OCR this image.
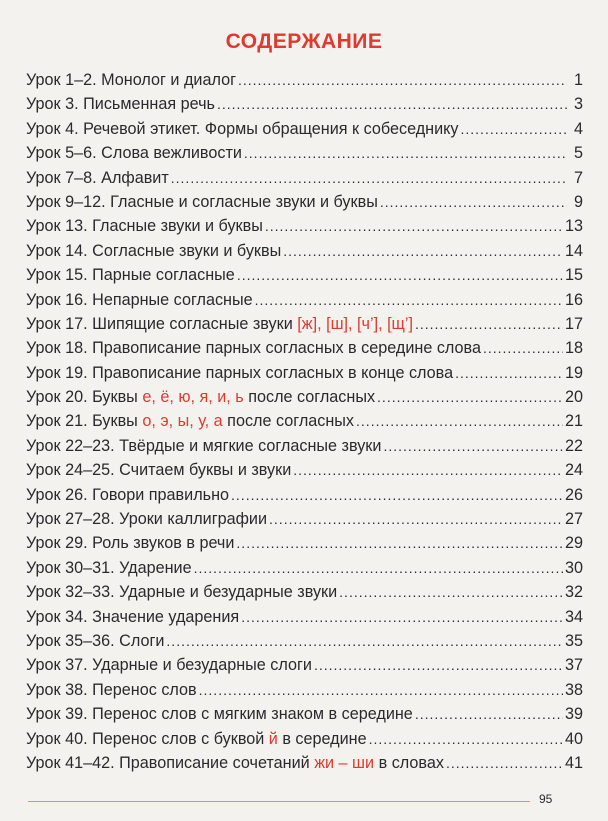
СОДЕРЖАНИЕ
Урок 1–2. Монолог и диалог .....	1
Урок 3. Письменная речь .....	3
Урок 4. Речевой этикет. Формы обращения к собеседнику .....	4
Урок 5–6. Слова вежливости .....	5
Урок 7–8. Алфавит .....	7
Урок 9–12. Гласные и согласные звуки и буквы .....	9
Урок 13. Гласные звуки и буквы .....	13
Урок 14. Согласные звуки и буквы .....	14
Урок 15. Парные согласные .....	15
Урок 16. Непарные согласные .....	16
Урок 17. Шипящие согласные звуки [ж], [ш], [ч’], [щ’] .....	17
Урок 18. Правописание парных согласных в середине слова .....	18
Урок 19. Правописание парных согласных в конце слова .....	19
Урок 20. Буквы е, ё, ю, я, и, ь после согласных .....	20
Урок 21. Буквы о, э, ы, у, а после согласных .....	21
Урок 22–23. Твёрдые и мягкие согласные звуки .....	22
Урок 24–25. Считаем буквы и звуки .....	24
Урок 26. Говори правильно .....	26
Урок 27–28. Уроки каллиграфии .....	27
Урок 29. Роль звуков в речи .....	29
Урок 30–31. Ударение .....	30
Урок 32–33. Ударные и безударные звуки .....	32
Урок 34. Значение ударения .....	34
Урок 35–36. Слоги .....	35
Урок 37. Ударные и безударные слоги .....	37
Урок 38. Перенос слов .....	38
Урок 39. Перенос слов с мягким знаком в середине .....	39
Урок 40. Перенос слов с буквой й в середине .....	40
Урок 41–42. Правописание сочетаний жи – ши в словах .....	41
95
